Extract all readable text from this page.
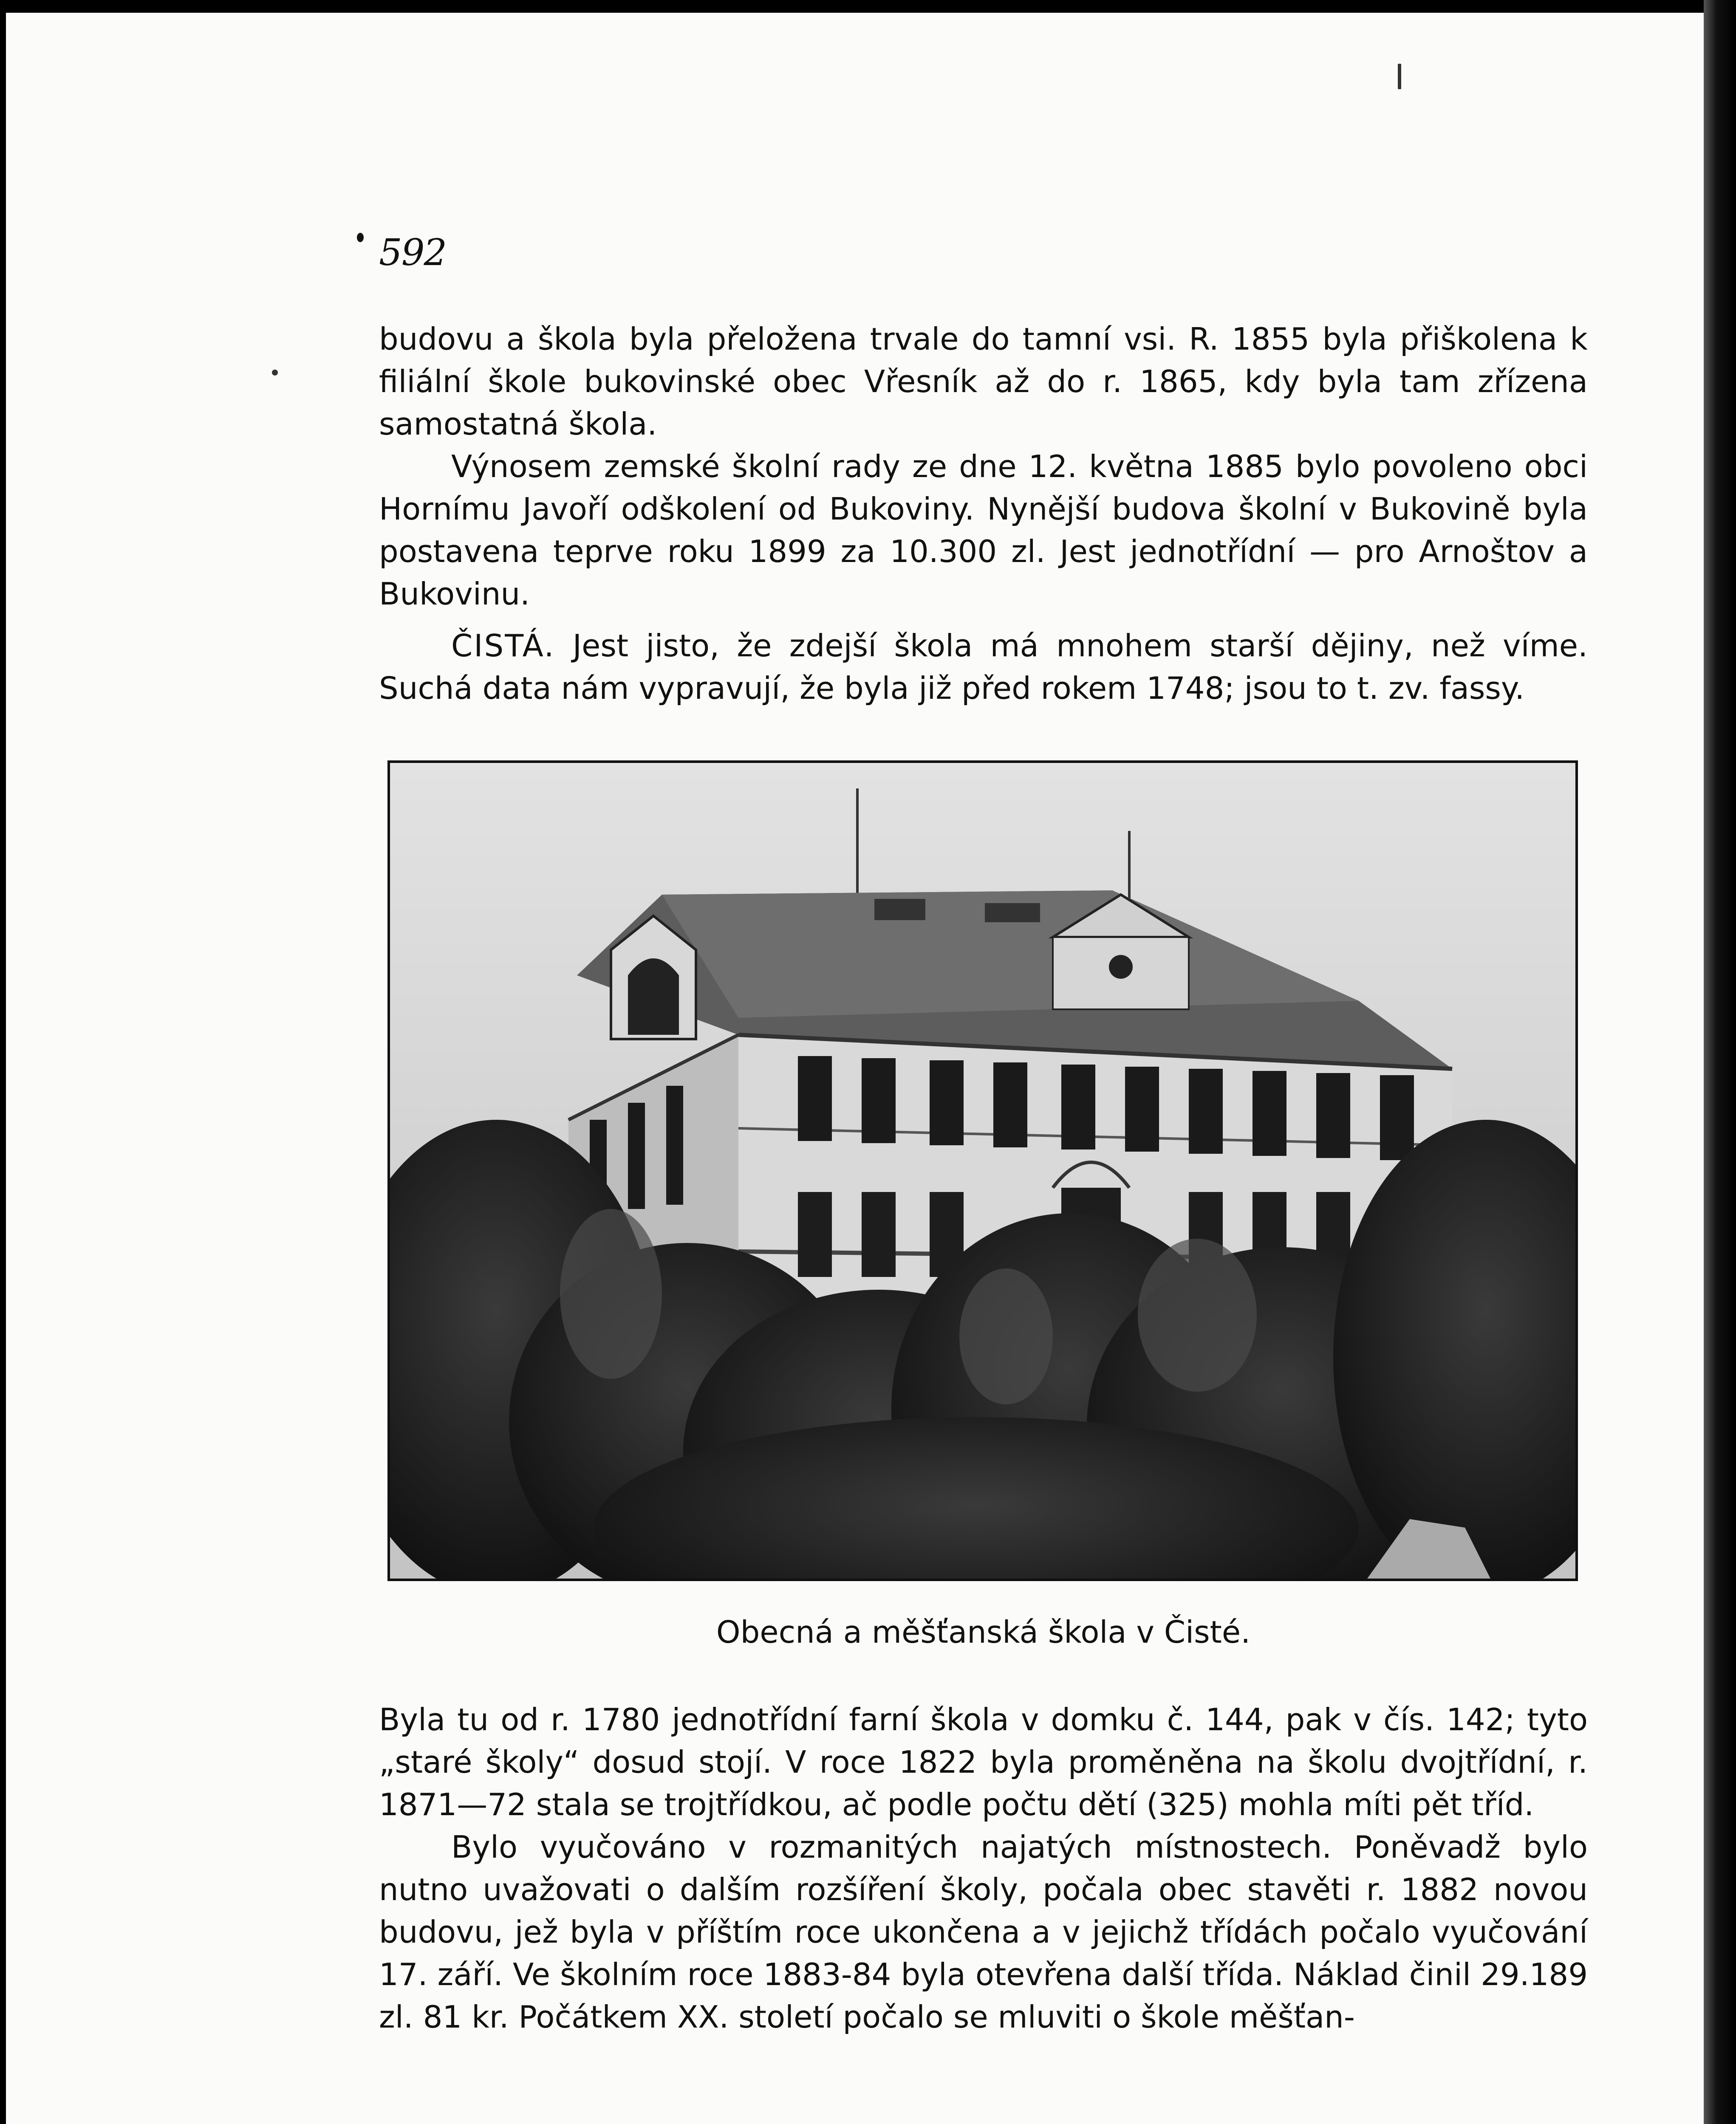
592

budovu a škola byla přeložena trvale do tamní vsi. R. 1855 byla přiškolena k filiální škole bukovinské obec Vřesník až do r. 1865, kdy byla tam zřízena samostatná škola.

Výnosem zemské školní rady ze dne 12. května 1885 bylo povoleno obci Hornímu Javoří odškolení od Bukoviny. Nynější budova školní v Bukovině byla postavena teprve roku 1899 za 10.300 zl. Jest jednotřídní — pro Arnoštov a Bukovinu.

ČISTÁ. Jest jisto, že zdejší škola má mnohem starší dějiny, než víme. Suchá data nám vypravují, že byla již před rokem 1748; jsou to t. zv. fassy.

Obecná a měšťanská škola v Čisté.

Byla tu od r. 1780 jednotřídní farní škola v domku č. 144, pak v čís. 142; tyto „staré školy“ dosud stojí. V roce 1822 byla proměněna na školu dvojtřídní, r. 1871—72 stala se trojtřídkou, ač podle počtu dětí (325) mohla míti pět tříd.

Bylo vyučováno v rozmanitých najatých místnostech. Poněvadž bylo nutno uvažovati o dalším rozšíření školy, počala obec stavěti r. 1882 novou budovu, jež byla v příštím roce ukončena a v jejichž třídách počalo vyučování 17. září. Ve školním roce 1883-84 byla otevřena další třída. Náklad činil 29.189 zl. 81 kr. Počátkem XX. století počalo se mluviti o škole měšťan-
